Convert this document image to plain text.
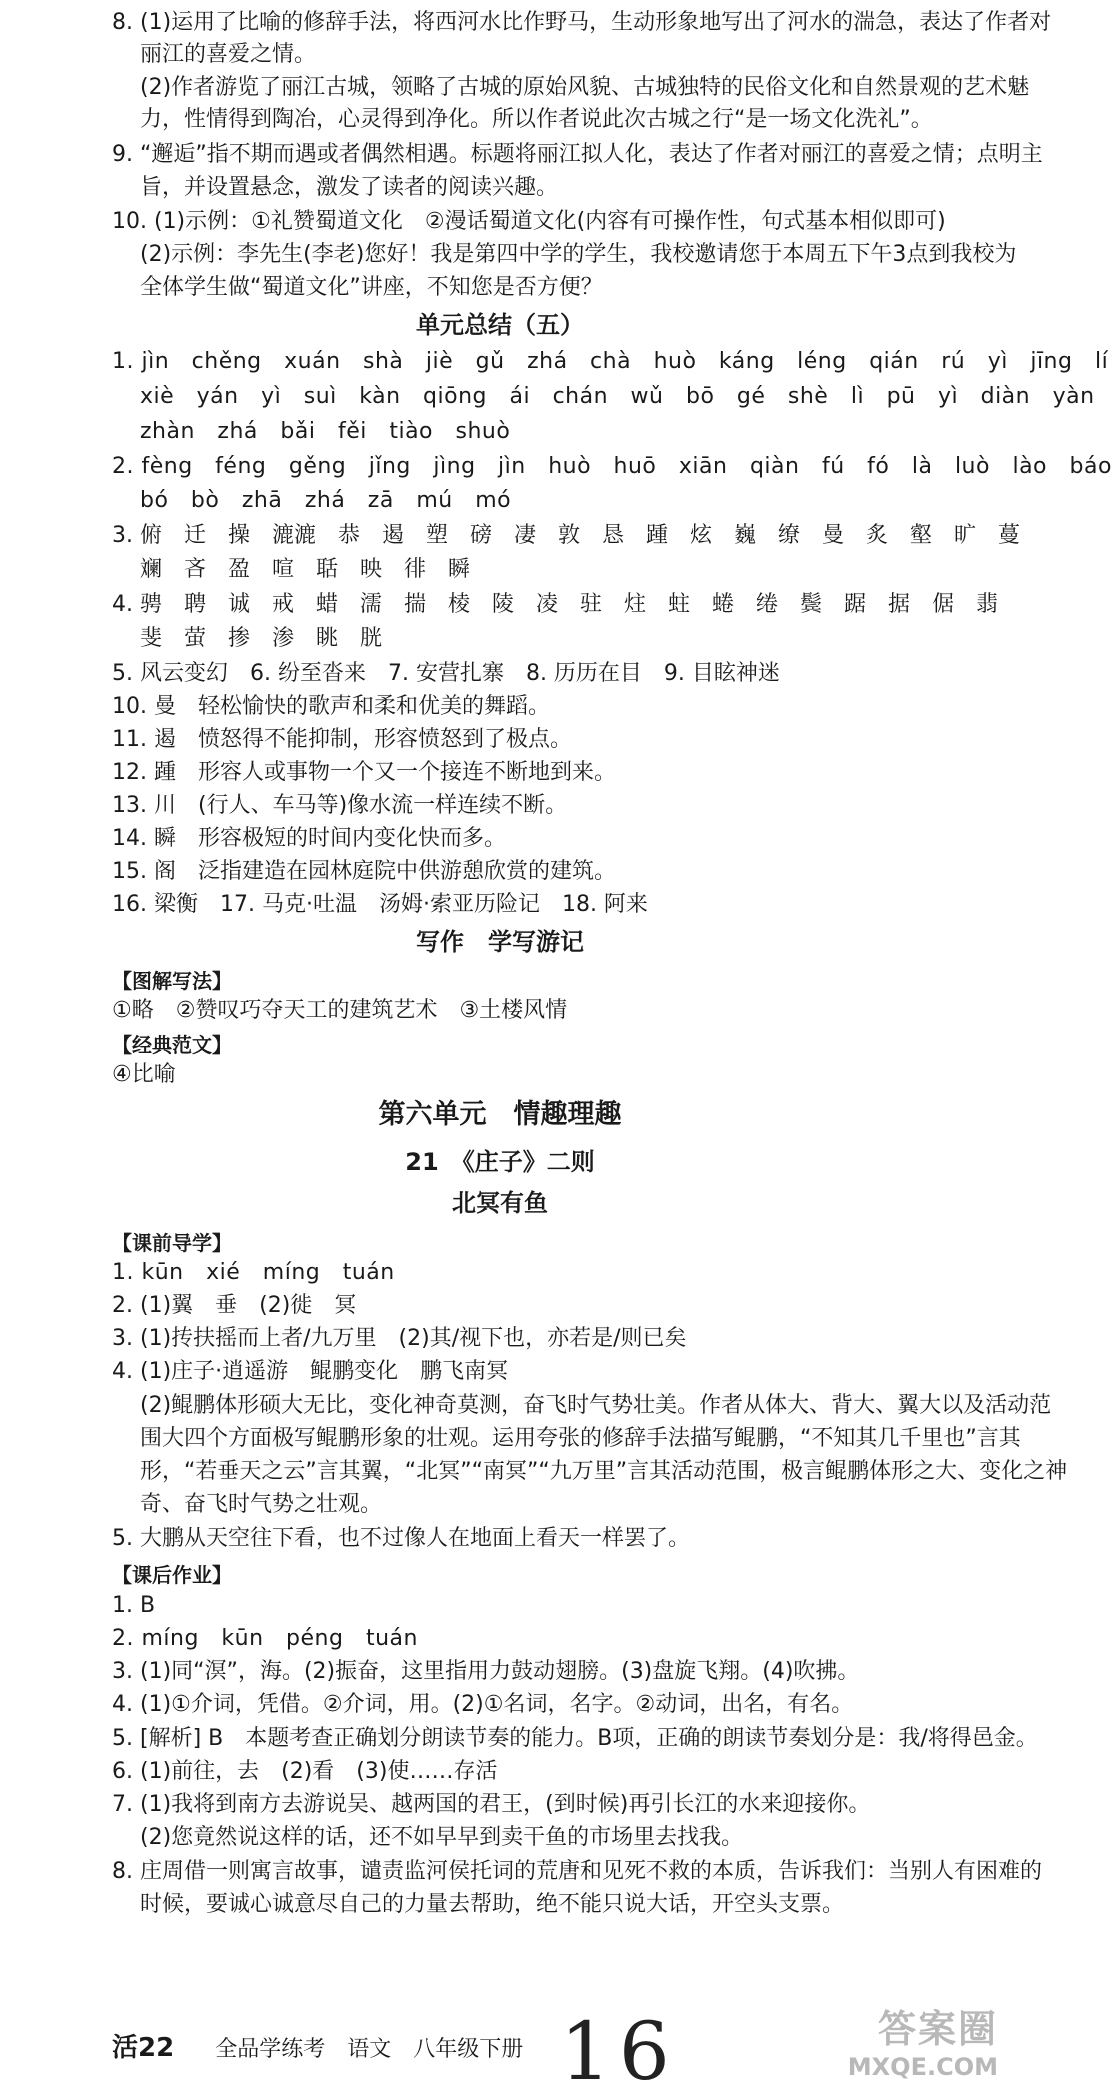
8. (1)运用了比喻的修辞手法，将西河水比作野马，生动形象地写出了河水的湍急，表达了作者对
丽江的喜爱之情。
(2)作者游览了丽江古城，领略了古城的原始风貌、古城独特的民俗文化和自然景观的艺术魅
力，性情得到陶冶，心灵得到净化。所以作者说此次古城之行“是一场文化洗礼”。
9. “邂逅”指不期而遇或者偶然相遇。标题将丽江拟人化，表达了作者对丽江的喜爱之情；点明主
旨，并设置悬念，激发了读者的阅读兴趣。
10. (1)示例：①礼赞蜀道文化　②漫话蜀道文化(内容有可操作性，句式基本相似即可)
(2)示例：李先生(李老)您好！我是第四中学的学生，我校邀请您于本周五下午3点到我校为
全体学生做“蜀道文化”讲座，不知您是否方便？
单元总结（五）
1. jìn　chěng　xuán　shà　jiè　gǔ　zhá　chà　huò　káng　léng　qián　rú　yì　jīng　lí
xiè　yán　yì　suì　kàn　qiōng　ái　chán　wǔ　bō　gé　shè　lì　pū　yì　diàn　yàn
zhàn　zhá　bǎi　fěi　tiào　shuò
2. fèng　féng　gěng　jǐng　jìng　jìn　huò　huō　xiān　qiàn　fú　fó　là　luò　lào　báo
bó　bò　zhā　zhá　zā　mú　mó
3. 俯　迁　操　漉漉　恭　遏　塑　磅　凄　敦　恳　踵　炫　巍　缭　曼　炙　壑　旷　蔓
斓　吝　盈　喧　聒　映　徘　瞬
4. 骋　聘　诚　戒　蜡　濡　揣　棱　陵　凌　驻　炷　蛀　蜷　绻　鬓　踞　据　倨　翡
斐　萤　掺　渗　眺　胱
5. 风云变幻　6. 纷至沓来　7. 安营扎寨　8. 历历在目　9. 目眩神迷
10. 曼　轻松愉快的歌声和柔和优美的舞蹈。
11. 遏　愤怒得不能抑制，形容愤怒到了极点。
12. 踵　形容人或事物一个又一个接连不断地到来。
13. 川　(行人、车马等)像水流一样连续不断。
14. 瞬　形容极短的时间内变化快而多。
15. 阁　泛指建造在园林庭院中供游憩欣赏的建筑。
16. 梁衡　17. 马克·吐温　汤姆·索亚历险记　18. 阿来
写作　学写游记
【图解写法】
①略　②赞叹巧夺天工的建筑艺术　③土楼风情
【经典范文】
④比喻
第六单元　情趣理趣
21　《庄子》二则
北冥有鱼
【课前导学】
1. kūn　xié　míng　tuán
2. (1)翼　垂　(2)徙　冥
3. (1)抟扶摇而上者/九万里　(2)其/视下也，亦若是/则已矣
4. (1)庄子·逍遥游　鲲鹏变化　鹏飞南冥
(2)鲲鹏体形硕大无比，变化神奇莫测，奋飞时气势壮美。作者从体大、背大、翼大以及活动范
围大四个方面极写鲲鹏形象的壮观。运用夸张的修辞手法描写鲲鹏，“不知其几千里也”言其
形，“若垂天之云”言其翼，“北冥”“南冥”“九万里”言其活动范围，极言鲲鹏体形之大、变化之神
奇、奋飞时气势之壮观。
5. 大鹏从天空往下看，也不过像人在地面上看天一样罢了。
【课后作业】
1. B
2. míng　kūn　péng　tuán
3. (1)同“溟”，海。(2)振奋，这里指用力鼓动翅膀。(3)盘旋飞翔。(4)吹拂。
4. (1)①介词，凭借。②介词，用。(2)①名词，名字。②动词，出名，有名。
5. [解析] B　本题考查正确划分朗读节奏的能力。B项，正确的朗读节奏划分是：我/将得邑金。
6. (1)前往，去　(2)看　(3)使……存活
7. (1)我将到南方去游说吴、越两国的君王，(到时候)再引长江的水来迎接你。
(2)您竟然说这样的话，还不如早早到卖干鱼的市场里去找我。
8. 庄周借一则寓言故事，谴责监河侯托词的荒唐和见死不救的本质，告诉我们：当别人有困难的
时候，要诚心诚意尽自己的力量去帮助，绝不能只说大话，开空头支票。
活22 全品学练考　语文　八年级下册 16	答案圈
MXQE.COM
